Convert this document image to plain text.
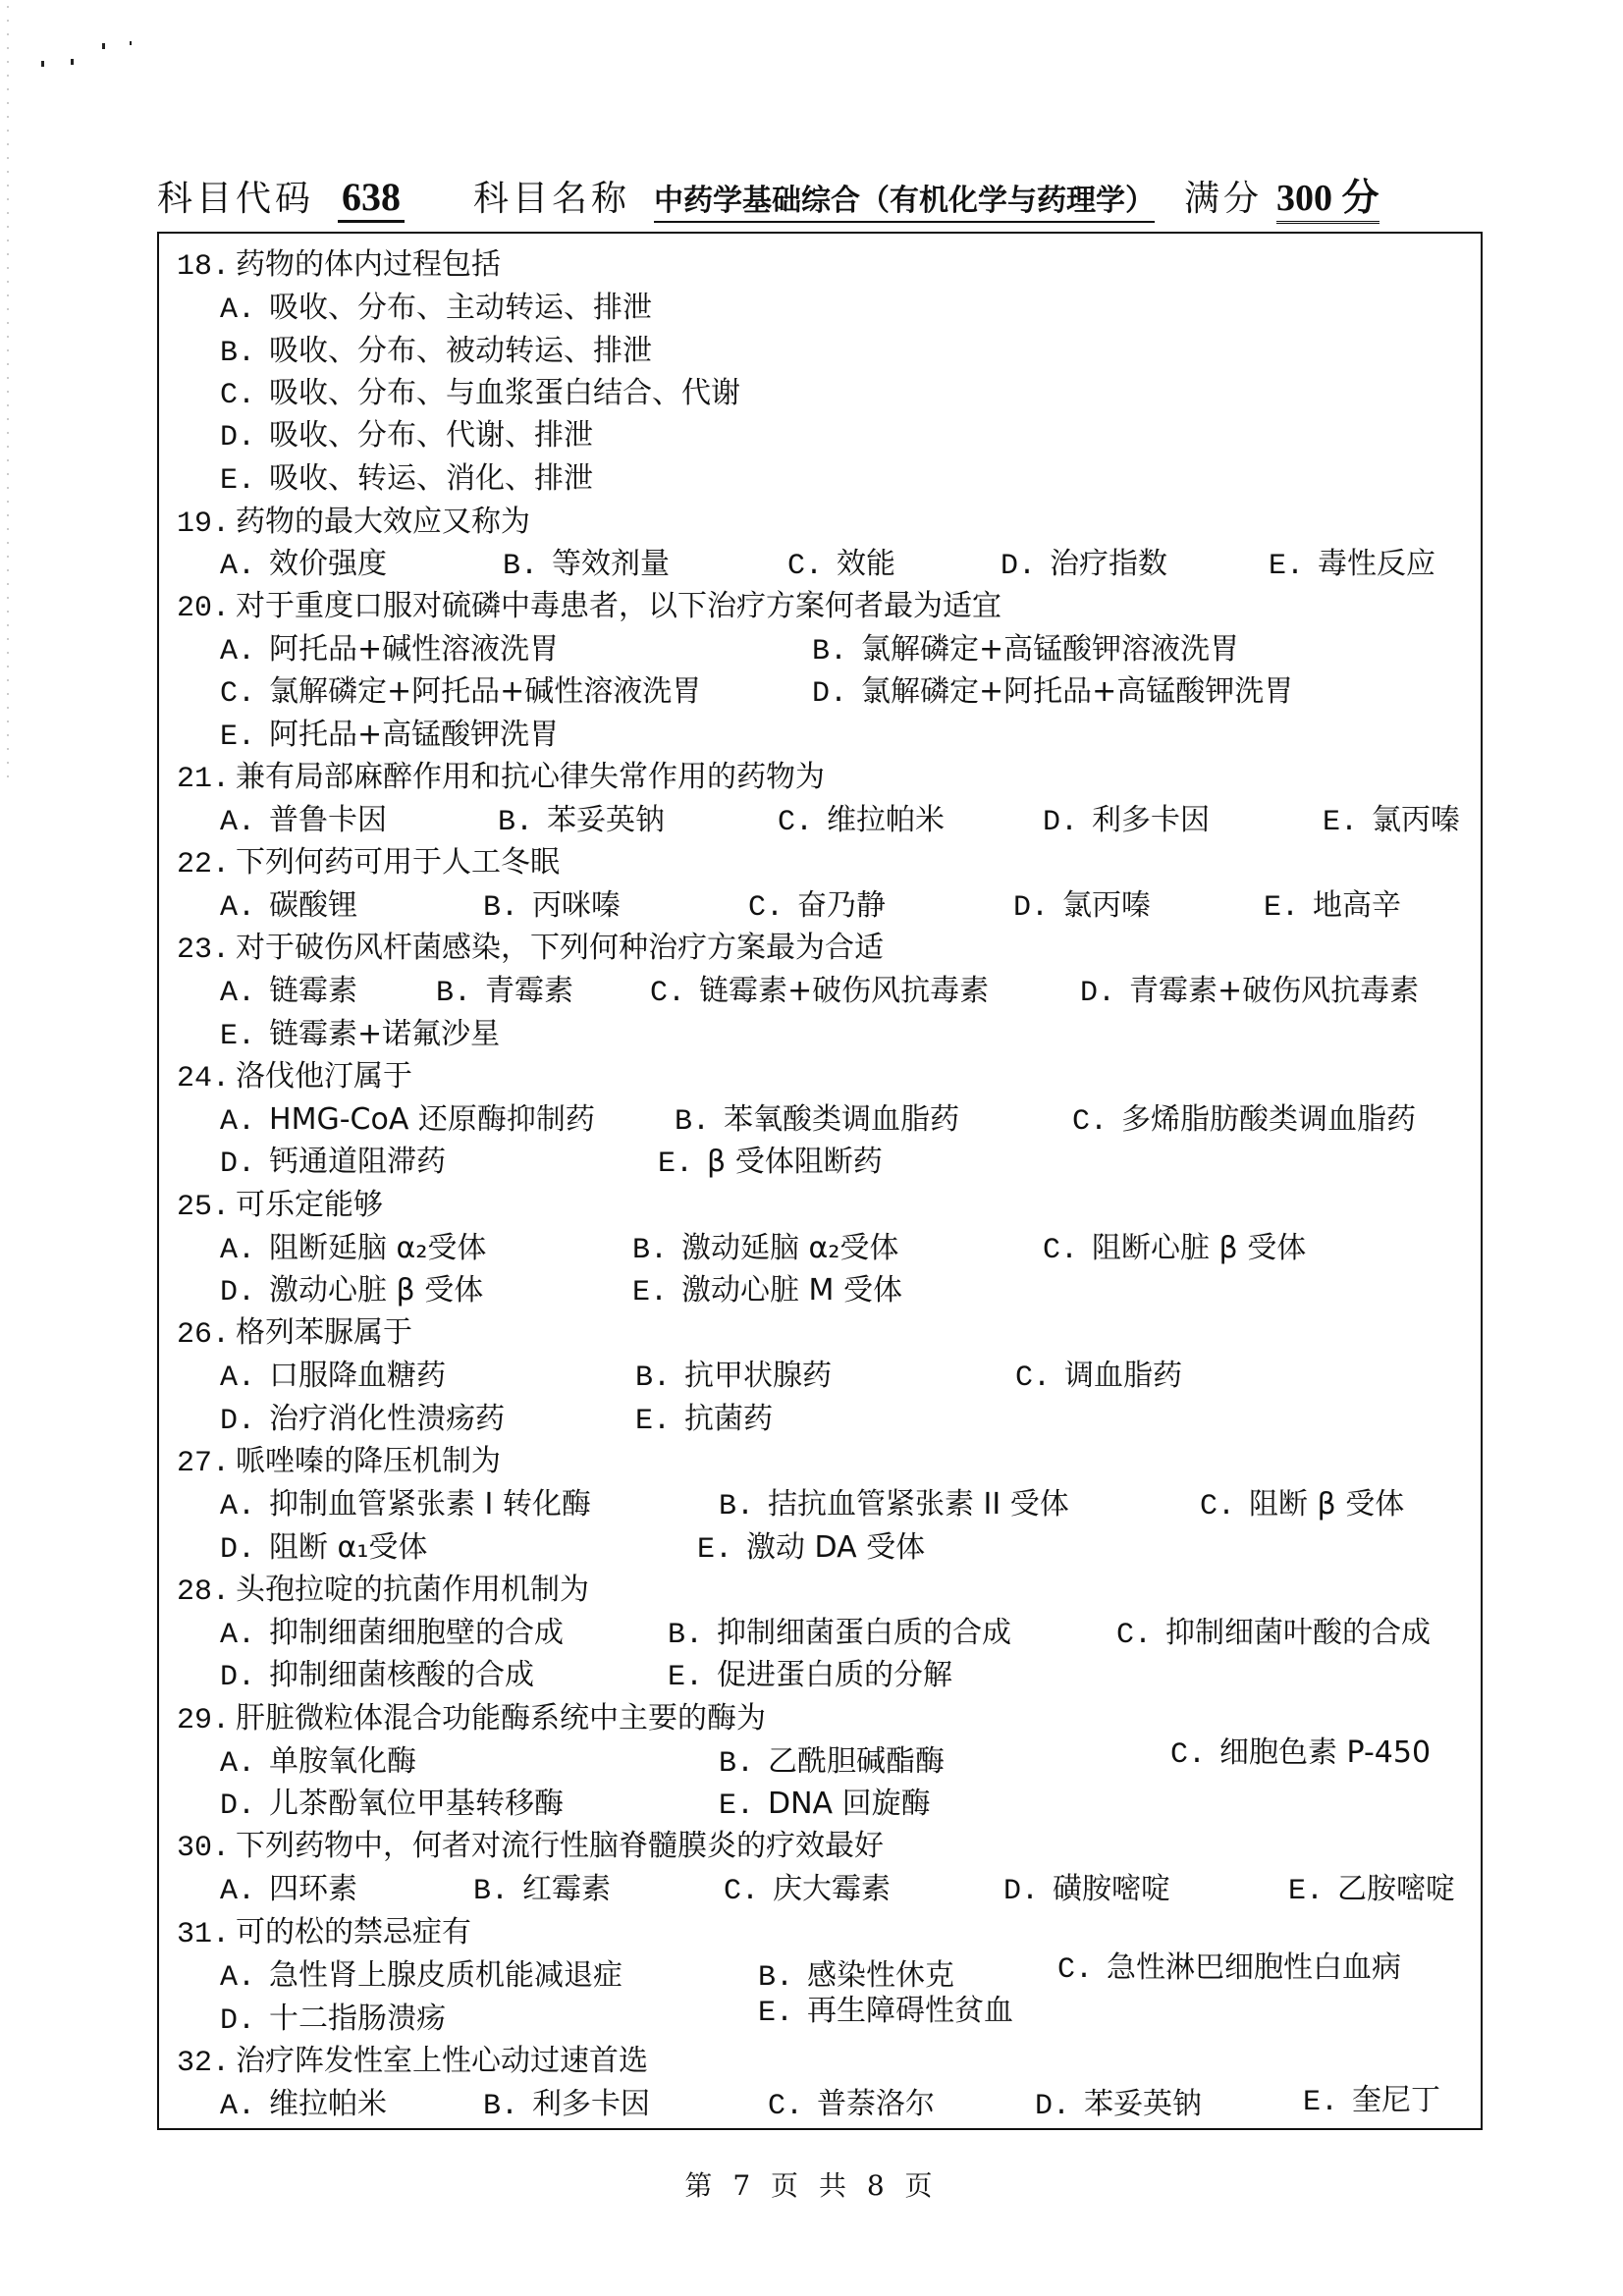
科目代码 638 科目名称 中药学基础综合（有机化学与药理学） 满分 300 分
18. 药物的体内过程包括
A. 吸收、分布、主动转运、排泄
B. 吸收、分布、被动转运、排泄
C. 吸收、分布、与血浆蛋白结合、代谢
D. 吸收、分布、代谢、排泄
E. 吸收、转运、消化、排泄
19. 药物的最大效应又称为
A. 效价强度	B. 等效剂量	C. 效能	D. 治疗指数	E. 毒性反应
20. 对于重度口服对硫磷中毒患者，以下治疗方案何者最为适宜
A. 阿托品+碱性溶液洗胃	B. 氯解磷定+高锰酸钾溶液洗胃
C. 氯解磷定+阿托品+碱性溶液洗胃	D. 氯解磷定+阿托品+高锰酸钾洗胃
E. 阿托品+高锰酸钾洗胃
21. 兼有局部麻醉作用和抗心律失常作用的药物为
A. 普鲁卡因	B. 苯妥英钠	C. 维拉帕米	D. 利多卡因	E. 氯丙嗪
22. 下列何药可用于人工冬眠
A. 碳酸锂	B. 丙咪嗪	C. 奋乃静	D. 氯丙嗪	E. 地高辛
23. 对于破伤风杆菌感染，下列何种治疗方案最为合适
A. 链霉素	B. 青霉素	C. 链霉素+破伤风抗毒素	D. 青霉素+破伤风抗毒素
E. 链霉素+诺氟沙星
24. 洛伐他汀属于
A. HMG-CoA 还原酶抑制药	B. 苯氧酸类调血脂药	C. 多烯脂肪酸类调血脂药
D. 钙通道阻滞药	E. β 受体阻断药
25. 可乐定能够
A. 阻断延脑 α₂受体	B. 激动延脑 α₂受体	C. 阻断心脏 β 受体
D. 激动心脏 β 受体	E. 激动心脏 M 受体
26. 格列苯脲属于
A. 口服降血糖药	B. 抗甲状腺药	C. 调血脂药
D. 治疗消化性溃疡药	E. 抗菌药
27. 哌唑嗪的降压机制为
A. 抑制血管紧张素 I 转化酶	B. 拮抗血管紧张素 II 受体	C. 阻断 β 受体
D. 阻断 α₁受体	E. 激动 DA 受体
28. 头孢拉啶的抗菌作用机制为
A. 抑制细菌细胞壁的合成	B. 抑制细菌蛋白质的合成	C. 抑制细菌叶酸的合成
D. 抑制细菌核酸的合成	E. 促进蛋白质的分解
29. 肝脏微粒体混合功能酶系统中主要的酶为
A. 单胺氧化酶	B. 乙酰胆碱酯酶	C. 细胞色素 P-450
D. 儿茶酚氧位甲基转移酶	E. DNA 回旋酶
30. 下列药物中，何者对流行性脑脊髓膜炎的疗效最好
A. 四环素	B. 红霉素	C. 庆大霉素	D. 磺胺嘧啶	E. 乙胺嘧啶
31. 可的松的禁忌症有
A. 急性肾上腺皮质机能减退症	B. 感染性休克	C. 急性淋巴细胞性白血病
D. 十二指肠溃疡	E. 再生障碍性贫血
32. 治疗阵发性室上性心动过速首选
A. 维拉帕米	B. 利多卡因	C. 普萘洛尔	D. 苯妥英钠	E. 奎尼丁
第 7 页 共 8 页
